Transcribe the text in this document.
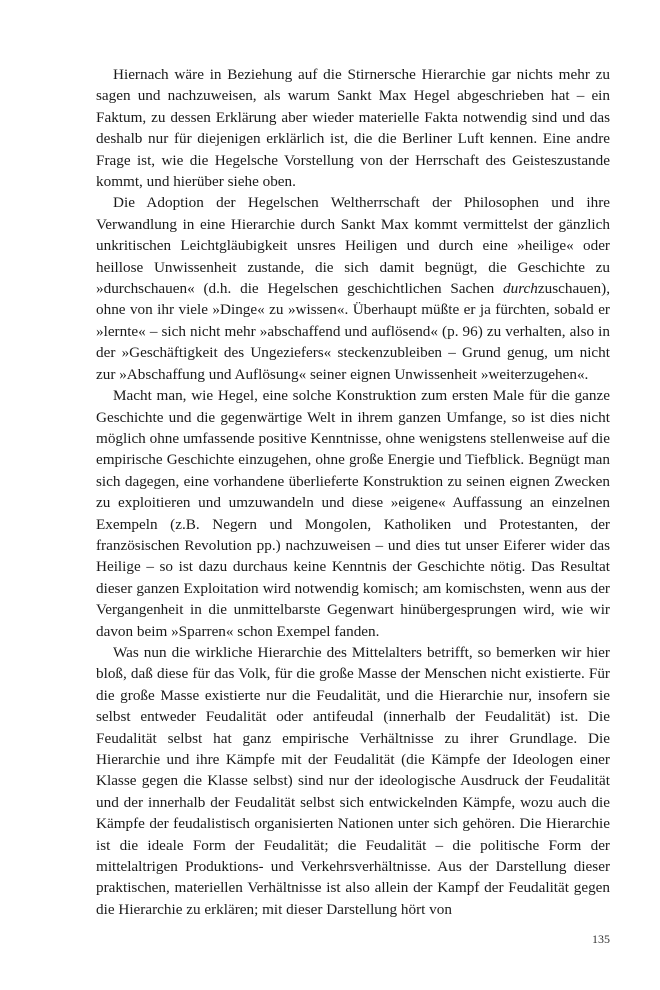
Hiernach wäre in Beziehung auf die Stirnersche Hierarchie gar nichts mehr zu sagen und nachzuweisen, als warum Sankt Max Hegel abgeschrieben hat – ein Faktum, zu dessen Erklärung aber wieder materielle Fakta notwendig sind und das deshalb nur für diejenigen erklärlich ist, die die Berliner Luft kennen. Eine andre Frage ist, wie die Hegelsche Vorstellung von der Herrschaft des Geisteszustande kommt, und hierüber siehe oben.

Die Adoption der Hegelschen Weltherrschaft der Philosophen und ihre Verwandlung in eine Hierarchie durch Sankt Max kommt vermittelst der gänzlich unkritischen Leichtgläubigkeit unsres Heiligen und durch eine »heilige« oder heillose Unwissenheit zustande, die sich damit begnügt, die Geschichte zu »durchschauen« (d.h. die Hegelschen geschichtlichen Sachen durchzuschauen), ohne von ihr viele »Dinge« zu »wissen«. Überhaupt müßte er ja fürchten, sobald er »lernte« – sich nicht mehr »abschaffend und auflösend« (p. 96) zu verhalten, also in der »Geschäftigkeit des Ungeziefers« steckenzubleiben – Grund genug, um nicht zur »Abschaffung und Auflösung« seiner eignen Unwissenheit »weiterzugehen«.

Macht man, wie Hegel, eine solche Konstruktion zum ersten Male für die ganze Geschichte und die gegenwärtige Welt in ihrem ganzen Umfange, so ist dies nicht möglich ohne umfassende positive Kenntnisse, ohne wenigstens stellenweise auf die empirische Geschichte einzugehen, ohne große Energie und Tiefblick. Begnügt man sich dagegen, eine vorhandene überlieferte Konstruktion zu seinen eignen Zwecken zu exploitieren und umzuwandeln und diese »eigene« Auffassung an einzelnen Exempeln (z.B. Negern und Mongolen, Katholiken und Protestanten, der französischen Revolution pp.) nachzuweisen – und dies tut unser Eiferer wider das Heilige – so ist dazu durchaus keine Kenntnis der Geschichte nötig. Das Resultat dieser ganzen Exploitation wird notwendig komisch; am komischsten, wenn aus der Vergangenheit in die unmittelbarste Gegenwart hinübergesprungen wird, wie wir davon beim »Sparren« schon Exempel fanden.

Was nun die wirkliche Hierarchie des Mittelalters betrifft, so bemerken wir hier bloß, daß diese für das Volk, für die große Masse der Menschen nicht existierte. Für die große Masse existierte nur die Feudalität, und die Hierarchie nur, insofern sie selbst entweder Feudalität oder antifeudal (innerhalb der Feudalität) ist. Die Feudalität selbst hat ganz empirische Verhältnisse zu ihrer Grundlage. Die Hierarchie und ihre Kämpfe mit der Feudalität (die Kämpfe der Ideologen einer Klasse gegen die Klasse selbst) sind nur der ideologische Ausdruck der Feudalität und der innerhalb der Feudalität selbst sich entwickelnden Kämpfe, wozu auch die Kämpfe der feudalistisch organisierten Nationen unter sich gehören. Die Hierarchie ist die ideale Form der Feudalität; die Feudalität – die politische Form der mittelaltrigen Produktions- und Verkehrsverhältnisse. Aus der Darstellung dieser praktischen, materiellen Verhältnisse ist also allein der Kampf der Feudalität gegen die Hierarchie zu erklären; mit dieser Darstellung hört von

135
